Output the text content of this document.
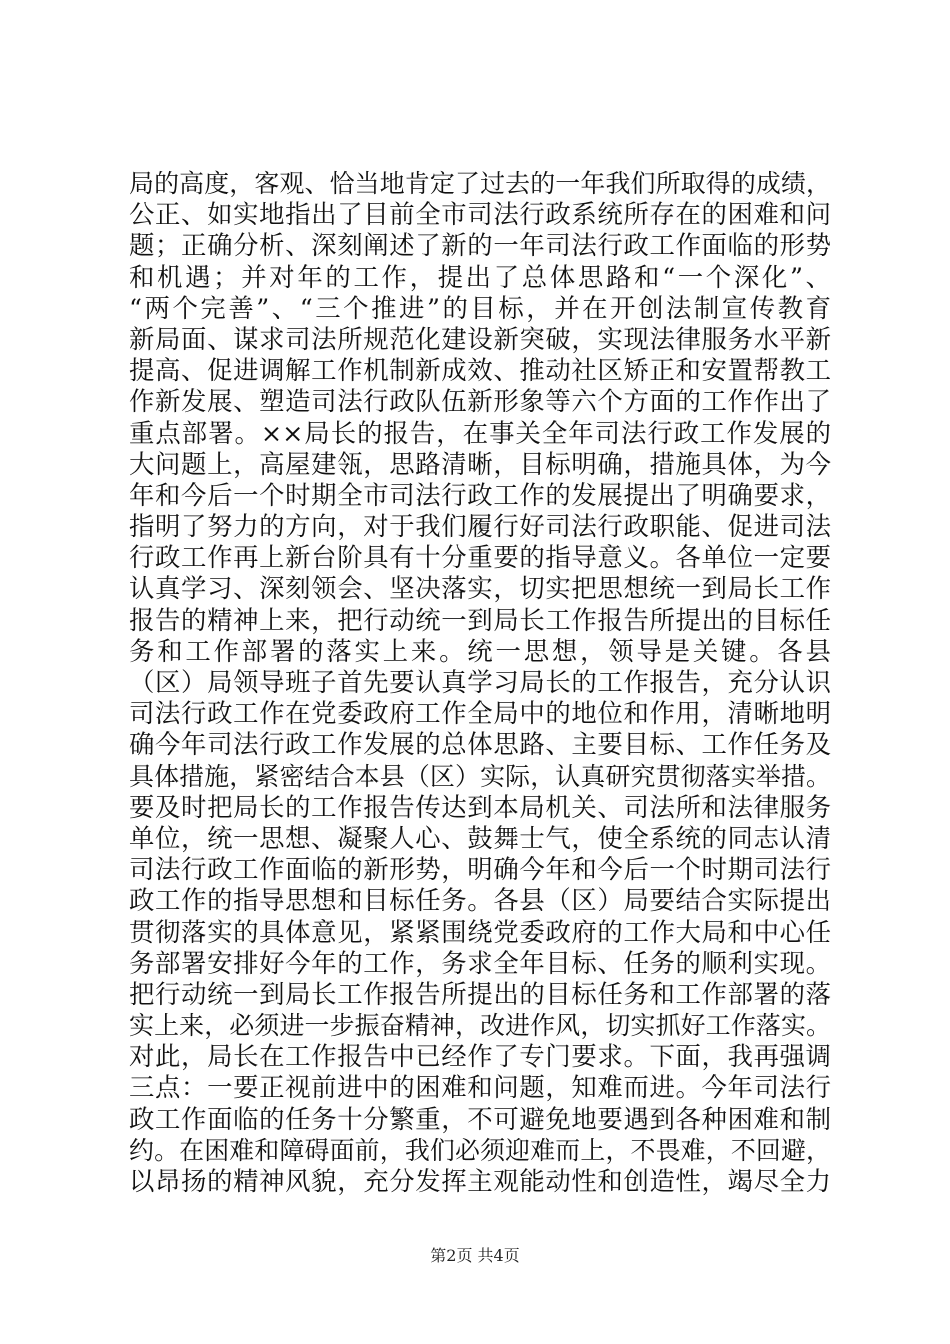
局的高度，客观、恰当地肯定了过去的一年我们所取得的成绩，
公正、如实地指出了目前全市司法行政系统所存在的困难和问
题；正确分析、深刻阐述了新的一年司法行政工作面临的形势
和机遇；并对年的工作，提出了总体思路和“一个深化”、
“两个完善”、“三个推进”的目标，并在开创法制宣传教育
新局面、谋求司法所规范化建设新突破，实现法律服务水平新
提高、促进调解工作机制新成效、推动社区矫正和安置帮教工
作新发展、塑造司法行政队伍新形象等六个方面的工作作出了
重点部署。××局长的报告，在事关全年司法行政工作发展的
大问题上，高屋建瓴，思路清晰，目标明确，措施具体，为今
年和今后一个时期全市司法行政工作的发展提出了明确要求，
指明了努力的方向，对于我们履行好司法行政职能、促进司法
行政工作再上新台阶具有十分重要的指导意义。各单位一定要
认真学习、深刻领会、坚决落实，切实把思想统一到局长工作
报告的精神上来，把行动统一到局长工作报告所提出的目标任
务和工作部署的落实上来。统一思想，领导是关键。各县
（区）局领导班子首先要认真学习局长的工作报告，充分认识
司法行政工作在党委政府工作全局中的地位和作用，清晰地明
确今年司法行政工作发展的总体思路、主要目标、工作任务及
具体措施，紧密结合本县（区）实际，认真研究贯彻落实举措。
要及时把局长的工作报告传达到本局机关、司法所和法律服务
单位，统一思想、凝聚人心、鼓舞士气，使全系统的同志认清
司法行政工作面临的新形势，明确今年和今后一个时期司法行
政工作的指导思想和目标任务。各县（区）局要结合实际提出
贯彻落实的具体意见，紧紧围绕党委政府的工作大局和中心任
务部署安排好今年的工作，务求全年目标、任务的顺利实现。
把行动统一到局长工作报告所提出的目标任务和工作部署的落
实上来，必须进一步振奋精神，改进作风，切实抓好工作落实。
对此，局长在工作报告中已经作了专门要求。下面，我再强调
三点：一要正视前进中的困难和问题，知难而进。今年司法行
政工作面临的任务十分繁重，不可避免地要遇到各种困难和制
约。在困难和障碍面前，我们必须迎难而上，不畏难，不回避，
以昂扬的精神风貌，充分发挥主观能动性和创造性，竭尽全力
第2页 共4页
